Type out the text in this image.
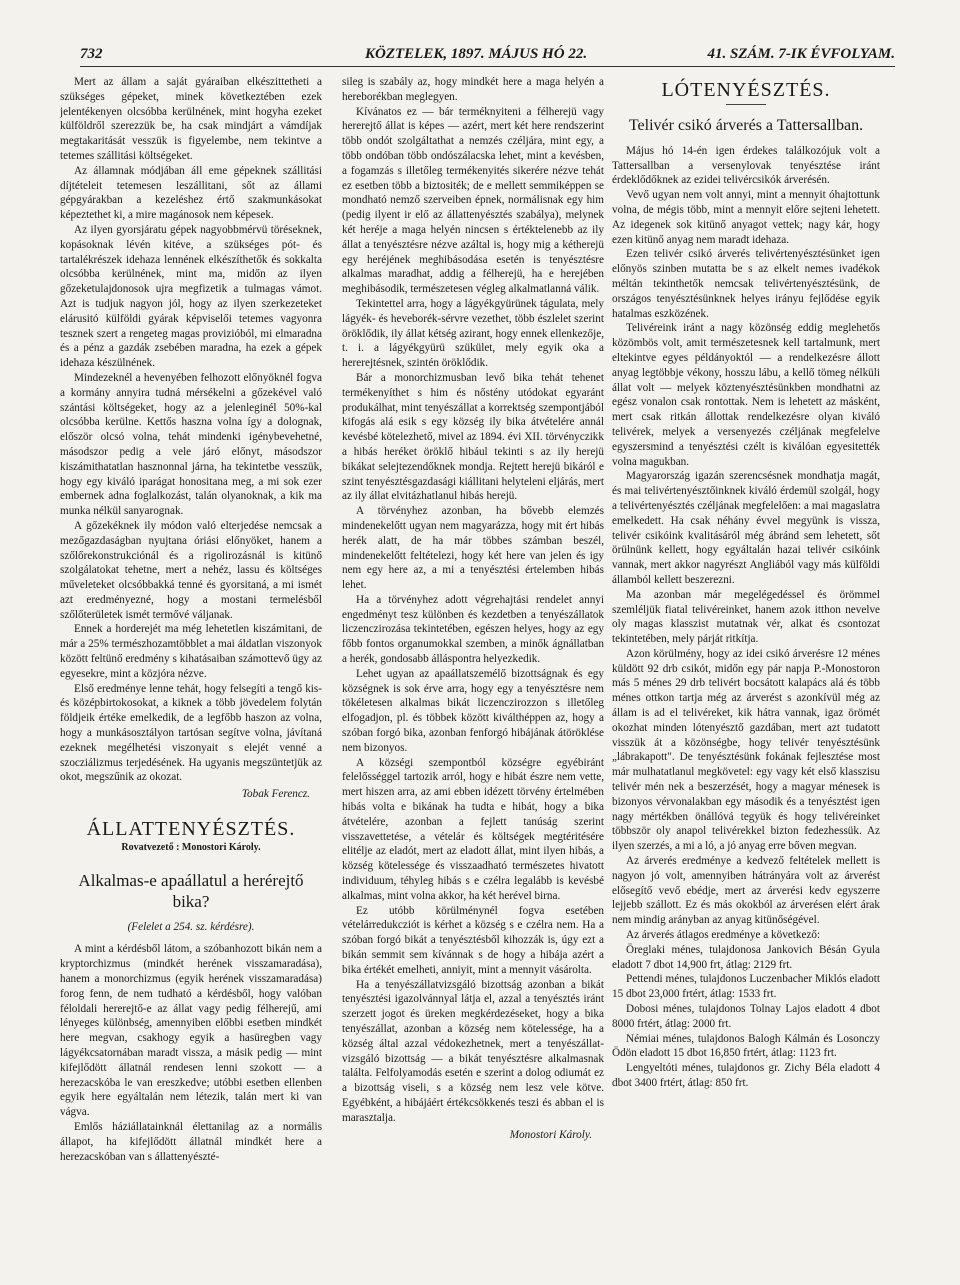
732	KÖZTELEK, 1897. MÁJUS HÓ 22.	41. SZÁM. 7-IK ÉVFOLYAM.

Mert az állam a saját gyáraiban elkészittetheti a szükséges gépeket, minek következtében ezek jelentékenyen olcsóbba kerülnének, mint hogyha ezeket külföldről szerezzük be, ha csak mindjárt a vámdíjak megtakaritását vesszük is figyelembe, nem tekintve a tetemes szállitási költségeket.

Az államnak módjában áll eme gépeknek szállitási díjtételeit tetemesen leszállitani, sőt az állami gépgyárakban a kezeléshez értő szakmunkásokat képeztethet ki, a mire magánosok nem képesek.

Az ilyen gyorsjáratu gépek nagyobbmérvü töréseknek, kopásoknak lévén kitéve, a szükséges pót- és tartalékrészek idehaza lennének elkészíthetők és sokkalta olcsóbba kerülnének, mint ma, midőn az ilyen gőzeketulajdonosok ujra megfizetik a tulmagas vámot. Azt is tudjuk nagyon jól, hogy az ilyen szerkezeteket elárusitó külföldi gyárak képviselői tetemes vagyonra tesznek szert a rengeteg magas provizióból, mi elmaradna és a pénz a gazdák zsebében maradna, ha ezek a gépek idehaza készülnének.

Mindezeknél a hevenyében felhozott előnyöknél fogva a kormány annyira tudná mérsékelni a gőzekével való szántási költségeket, hogy az a jelenleginél 50%-kal olcsóbba kerülne. Kettős haszna volna így a dolognak, először olcsó volna, tehát mindenki igénybevehetné, másodszor pedig a vele járó előnyt, másodszor kiszámithatatlan hasznonnal járna, ha tekintetbe vesszük, hogy egy kiváló iparágat honositana meg, a mi sok ezer embernek adna foglalkozást, talán olyanoknak, a kik ma munka nélkül sanyarognak.

A gőzekéknek ily módon való elterjedése nemcsak a mezőgazdaságban nyujtana óriási előnyöket, hanem a szőlőrekonstrukciónál és a rigolirozásnál is kitünő szolgálatokat tehetne, mert a nehéz, lassu és költséges műveleteket olcsóbbakká tenné és gyorsitaná, a mi ismét azt eredményezné, hogy a mostani termelésből szőlőterületek ismét termővé váljanak.

Ennek a horderejét ma még lehetetlen kiszámitani, de már a 25% természhozamtöbblet a mai áldatlan viszonyok között feltünő eredmény s kihatásaiban számottevő ügy az egyesekre, mint a közjóra nézve.

Első eredménye lenne tehát, hogy felsegíti a tengő kis- és középbirtokosokat, a kiknek a több jövedelem folytán földjeik értéke emelkedik, de a legfőbb haszon az volna, hogy a munkásosztályon tartósan segítve volna, jávítaná ezeknek megélhetési viszonyait s elejét venné a szocziálizmus terjedésének. Ha ugyanis megszüntetjük az okot, megszűnik az okozat.

Tobak Ferencz.

ÁLLATTENYÉSZTÉS.

Rovatvezető : Monostori Károly.

Alkalmas-e apaállatul a herérejtő bika?

(Felelet a 254. sz. kérdésre).

A mint a kérdésből látom, a szóbanhozott bikán nem a kryptorchizmus (mindkét herének visszamaradása), hanem a monorchizmus (egyik herének visszamaradása) forog fenn, de nem tudható a kérdésből, hogy valóban féloldali hererejtő-e az állat vagy pedig félherejű, ami lényeges különbség, amennyiben előbbi esetben mindkét here megvan, csakhogy egyik a hasüregben vagy lágyékcsatornában maradt vissza, a másik pedig — mint kifejlődött állatnál rendesen lenni szokott — a herezacskóba le van ereszkedve; utóbbi esetben ellenben egyik here egyáltalán nem létezik, talán mert ki van vágva.

Emlős háziállatainknál élettanilag az a normális állapot, ha kifejlődött állatnál mindkét here a herezacskóban van s állattenyészté-

sileg is szabály az, hogy mindkét here a maga helyén a hereborékban meglegyen.

Kívánatos ez — bár terméknyiteni a félherejü vagy hererejtő állat is képes — azért, mert két here rendszerint több ondót szolgáltathat a nemzés czéljára, mint egy, a több ondóban több ondószálacska lehet, mint a kevésben, a fogamzás s illetőleg termékenyités sikerére nézve tehát ez esetben több a biztositék; de e mellett semmiképpen se mondható nemző szerveiben épnek, normálisnak egy him (pedig ilyent ir elő az állattenyésztés szabálya), melynek két heréje a maga helyén nincsen s értéktelenebb az ily állat a tenyésztésre nézve azáltal is, hogy mig a kétherejü egy heréjének meghibásodása esetén is tenyésztésre alkalmas maradhat, addig a félherejü, ha e herejében meghibásodik, természetesen végleg alkalmatlanná válik.

Tekintettel arra, hogy a lágyékgyürünek tágulata, mely lágyék- és heveborék-sérvre vezethet, több észlelet szerint öröklődik, ily állat kétség azirant, hogy ennek ellenkezője, t. i. a lágyékgyürü szükület, mely egyik oka a hererejtésnek, szintén öröklődik.

Bár a monorchizmusban levő bika tehát tehenet termékenyíthet s him és nőstény utódokat egyaránt produkálhat, mint tenyészállat a korrektség szempontjából kifogás alá esik s egy község ily bika átvételére annál kevésbé kötelezhető, mivel az 1894. évi XII. törvényczikk a hibás heréket öröklő hibául tekinti s az ily herejü bikákat selejtezendőknek mondja. Rejtett herejü bikáról e szint tenyésztésgazdasági kiállitani helyteleni eljárás, mert az ily állat elvitázhatlanul hibás herejü.

A törvényhez azonban, ha bővebb elemzés mindenekelőtt ugyan nem magyarázza, hogy mit ért hibás herék alatt, de ha már többes számban beszél, mindenekelőtt feltételezi, hogy két here van jelen és igy nem egy here az, a mi a tenyésztési értelemben hibás lehet.

Ha a törvényhez adott végrehajtási rendelet annyi engedményt tesz különben és kezdetben a tenyészállatok liczenczirozása tekintetében, egészen helyes, hogy az egy főbb fontos organumokkal szemben, a minők ágnállatban a herék, gondosabb álláspontra helyezkedik.

Lehet ugyan az apaállatszemélő bizottságnak és egy községnek is sok érve arra, hogy egy a tenyésztésre nem tökéletesen alkalmas bikát liczenczirozzon s illetőleg elfogadjon, pl. és többek között kiválthéppen az, hogy a szóban forgó bika, azonban fenforgó hibájának átöröklése nem bizonyos.

A községi szempontból községre egyébiránt felelősséggel tartozik arról, hogy e hibát észre nem vette, mert hiszen arra, az ami ebben idézett törvény értelmében hibás volta e bikának ha tudta e hibát, hogy a bika átvételére, azonban a fejlett tanúság szerint visszavettetése, a vételár és költségek megtéritésére elitélje az eladót, mert az eladott állat, mint ilyen hibás, a község kötelessége és visszaadható természetes hivatott individuum, téhyleg hibás s e czélra legalább is kevésbé alkalmas, mint volna akkor, ha két herével birna.

Ez utóbb körülménynél fogva esetében vételárredukcziót is kérhet a község s e czélra nem. Ha a szóban forgó bikát a tenyésztésből kihozzák is, úgy ezt a bikán semmit sem kívánnak s de hogy a hibája azért a bika értékét emelheti, anniyit, mint a mennyit vásárolta.

Ha a tenyészállatvizsgáló bizottság azonban a bikát tenyésztési igazolvánnyal látja el, azzal a tenyésztés iránt szerzett jogot és üreken megkérdezéseket, hogy a bika tenyészállat, azonban a község nem kötelessége, ha a község által azzal védokezhetnek, mert a tenyészállat-vizsgáló bizottság — a bikát tenyésztésre alkalmasnak találta. Felfolyamodás esetén e szerint a dolog odiumát ez a bizottság viseli, s a község nem lesz vele kötve. Egyébként, a hibájáért értékcsökkenés teszi és abban el is marasztalja.

Monostori Károly.

LÓTENYÉSZTÉS.

Telivér csikó árverés a Tattersallban.

Május hó 14-én igen érdekes találkozójuk volt a Tattersallban a versenylovak tenyésztése iránt érdeklődőknek az ezidei telivércsikók árverésén.

Vevő ugyan nem volt annyi, mint a mennyit óhajtottunk volna, de mégis több, mint a mennyit előre sejteni lehetett. Az idegenek sok kitünő anyagot vettek; nagy kár, hogy ezen kitünő anyag nem maradt idehaza.

Ezen telivér csikó árverés telivértenyésztésünket igen előnyös szinben mutatta be s az elkelt nemes ivadékok méltán tekinthetők nemcsak telivértenyésztésünk, de országos tenyésztésünknek helyes irányu fejlődése egyik hatalmas eszközének.

Telivéreink iránt a nagy közönség eddig meglehetős közömbös volt, amit természetesnek kell tartalmunk, mert eltekintve egyes példányoktól — a rendelkezésre állott anyag legtöbbje vékony, hosszu lábu, a kellő tömeg nélküli állat volt — melyek köztenyésztésünkben mondhatni az egész vonalon csak rontottak. Nem is lehetett az másként, mert csak ritkán állottak rendelkezésre olyan kiváló telivérek, melyek a versenyezés czéljának megfelelve egyszersmind a tenyésztési czélt is kiválóan egyesitették volna magukban.

Magyarország igazán szerencsésnek mondhatja magát, és mai telivértenyésztőinknek kiváló érdemül szolgál, hogy a telivértenyésztés czéljának megfelelően: a mai magaslatra emelkedett. Ha csak néhány évvel megyünk is vissza, telivér csikóink kvalitásáról még ábránd sem lehetett, sőt örülnünk kellett, hogy egyáltalán hazai telivér csikóink vannak, mert akkor nagyrészt Angliából vagy más külföldi államból kellett beszerezni.

Ma azonban már megelégedéssel és örömmel szemléljük fiatal telivéreinket, hanem azok itthon nevelve oly magas klasszist mutatnak vér, alkat és csontozat tekintetében, mely párját ritkítja.

Azon körülmény, hogy az idei csikó árverésre 12 ménes küldött 92 drb csikót, midőn egy pár napja P.-Monostoron más 5 ménes 29 drb telivért bocsátott kalapács alá és több ménes ottkon tartja még az árverést s azonkívül még az állam is ad el telivéreket, kik hátra vannak, igaz örömét okozhat minden lótenyésztő gazdában, mert azt tudatott visszük át a közönségbe, hogy telivér tenyésztésünk „lábrakapott". De tenyésztésünk fokának fejlesztése most már mulhatatlanul megkövetel: egy vagy két első klasszisu telivér mén nek a beszerzését, hogy a magyar ménesek is bizonyos vérvonalakban egy második és a tenyésztést igen nagy mértékben önállóvá tegyük és hogy telivéreinket többször oly anapol telivérekkel bizton fedezhessük. Az ilyen szerzés, a mi a ló, a jó anyag erre bőven megvan.

Az árverés eredménye a kedvező feltételek mellett is nagyon jó volt, amennyiben hátrányára volt az árverést elősegítő vevő ebédje, mert az árverési kedv egyszerre lejjebb szállott. Ez és más okokból az árverésen elért árak nem mindig arányban az anyag kitünőségével.

Az árverés átlagos eredménye a következő:

Öreglaki ménes, tulajdonosa Jankovich Bésán Gyula eladott 7 dbot 14,900 frt, átlag: 2129 frt.

Pettendi ménes, tulajdonos Luczenbacher Miklós eladott 15 dbot 23,000 frtért, átlag: 1533 frt.

Dobosi ménes, tulajdonos Tolnay Lajos eladott 4 dbot 8000 frtért, átlag: 2000 frt.

Némiai ménes, tulajdonos Balogh Kálmán és Losonczy Ödön eladott 15 dbot 16,850 frtért, átlag: 1123 frt.

Lengyeltóti ménes, tulajdonos gr. Zichy Béla eladott 4 dbot 3400 frtért, átlag: 850 frt.
